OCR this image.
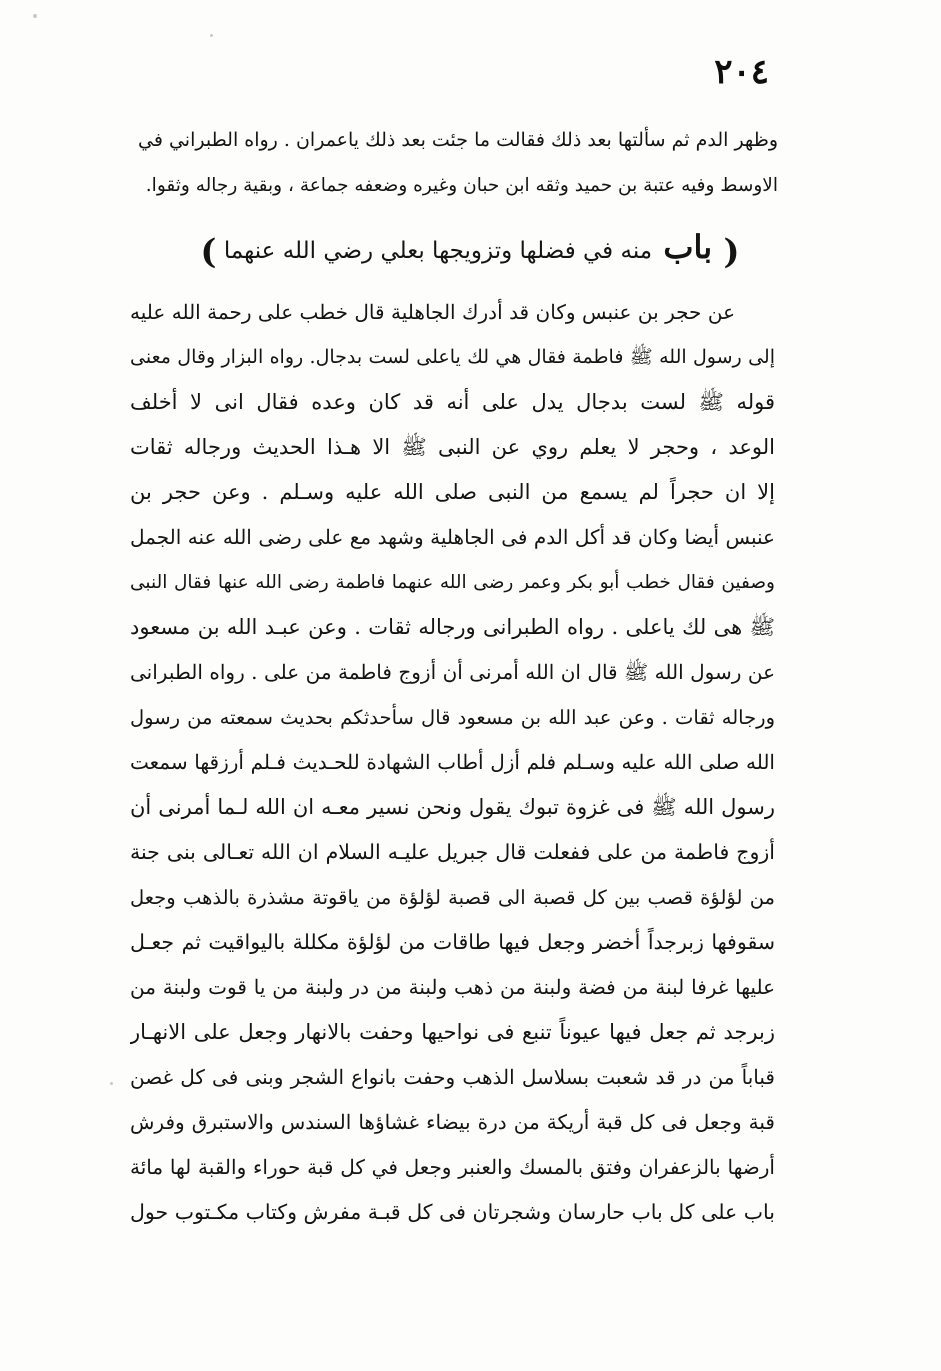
٢٠٤
وظهر الدم ثم سألتها بعد ذلك فقالت ما جئت بعد ذلك ياعمران . رواه الطبراني في
الاوسط وفيه عتبة بن حميد وثقه ابن حبان وغيره وضعفه جماعة ، وبقية رجاله وثقوا.
( باب منه في فضلها وتزويجها بعلي رضي الله عنهما )
عن حجر بن عنبس وكان قد أدرك الجاهلية قال خطب على رحمة الله عليه
إلى رسول الله ﷺ فاطمة فقال هي لك ياعلى لست بدجال. رواه البزار وقال معنى
قوله ﷺ لست بدجال يدل على أنه قد كان وعده فقال انى لا أخلف
الوعد ، وحجر لا يعلم روي عن النبى ﷺ الا هـذا الحديث ورجاله ثقات
إلا ان حجراً لم يسمع من النبى صلى الله عليه وسـلم . وعن حجر بن
عنبس أيضا وكان قد أكل الدم فى الجاهلية وشهد مع على رضى الله عنه الجمل
وصفين فقال خطب أبو بكر وعمر رضى الله عنهما فاطمة رضى الله عنها فقال النبى
ﷺ هى لك ياعلى . رواه الطبرانى ورجاله ثقات . وعن عبـد الله بن مسعود
عن رسول الله ﷺ قال ان الله أمرنى أن أزوج فاطمة من على . رواه الطبرانى
ورجاله ثقات . وعن عبد الله بن مسعود قال سأحدثكم بحديث سمعته من رسول
الله صلى الله عليه وسـلم فلم أزل أطاب الشهادة للحـديث فـلم أرزقها سمعت
رسول الله ﷺ فى غزوة تبوك يقول ونحن نسير معـه ان الله لـما أمرنى أن
أزوج فاطمة من على ففعلت قال جبريل عليـه السلام ان الله تعـالى بنى جنة
من لؤلؤة قصب بين كل قصبة الى قصبة لؤلؤة من ياقوتة مشذرة بالذهب وجعل
سقوفها زبرجداً أخضر وجعل فيها طاقات من لؤلؤة مكللة باليواقيت ثم جعـل
عليها غرفا لبنة من فضة ولبنة من ذهب ولبنة من در ولبنة من يا قوت ولبنة من
زبرجد ثم جعل فيها عيوناً تنبع فى نواحيها وحفت بالانهار وجعل على الانهـار
قباباً من در قد شعبت بسلاسل الذهب وحفت بانواع الشجر وبنى فى كل غصن
قبة وجعل فى كل قبة أريكة من درة بيضاء غشاؤها السندس والاستبرق وفرش
أرضها بالزعفران وفتق بالمسك والعنبر وجعل في كل قبة حوراء والقبة لها مائة
باب على كل باب حارسان وشجرتان فى كل قبـة مفرش وكتاب مكـتوب حول
